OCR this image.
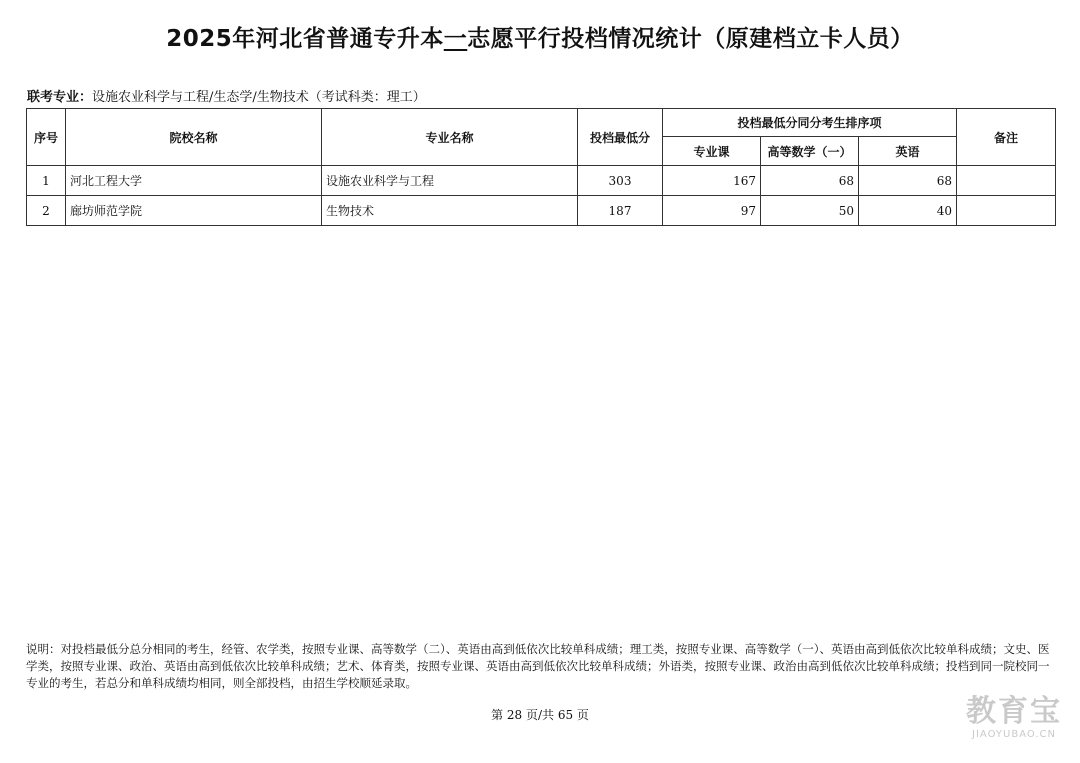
2025年河北省普通专升本一志愿平行投档情况统计（原建档立卡人员）
联考专业：设施农业科学与工程/生态学/生物技术（考试科类：理工）
序号	院校名称	专业名称	投档最低分	投档最低分同分考生排序项			备注
				专业课	高等数学（一）	英语	
1	河北工程大学	设施农业科学与工程	303	167	68	68	
2	廊坊师范学院	生物技术	187	97	50	40	
说明：对投档最低分总分相同的考生，经管、农学类，按照专业课、高等数学（二）、英语由高到低依次比较单科成绩；理工类，按照专业课、高等数学（一）、英语由高到低依次比较单科成绩；文史、医学类，按照专业课、政治、英语由高到低依次比较单科成绩；艺术、体育类，按照专业课、英语由高到低依次比较单科成绩；外语类，按照专业课、政治由高到低依次比较单科成绩；投档到同一院校同一专业的考生，若总分和单科成绩均相同，则全部投档，由招生学校顺延录取。
第 28 页/共 65 页	教育宝
JIAOYUBAO.CN
